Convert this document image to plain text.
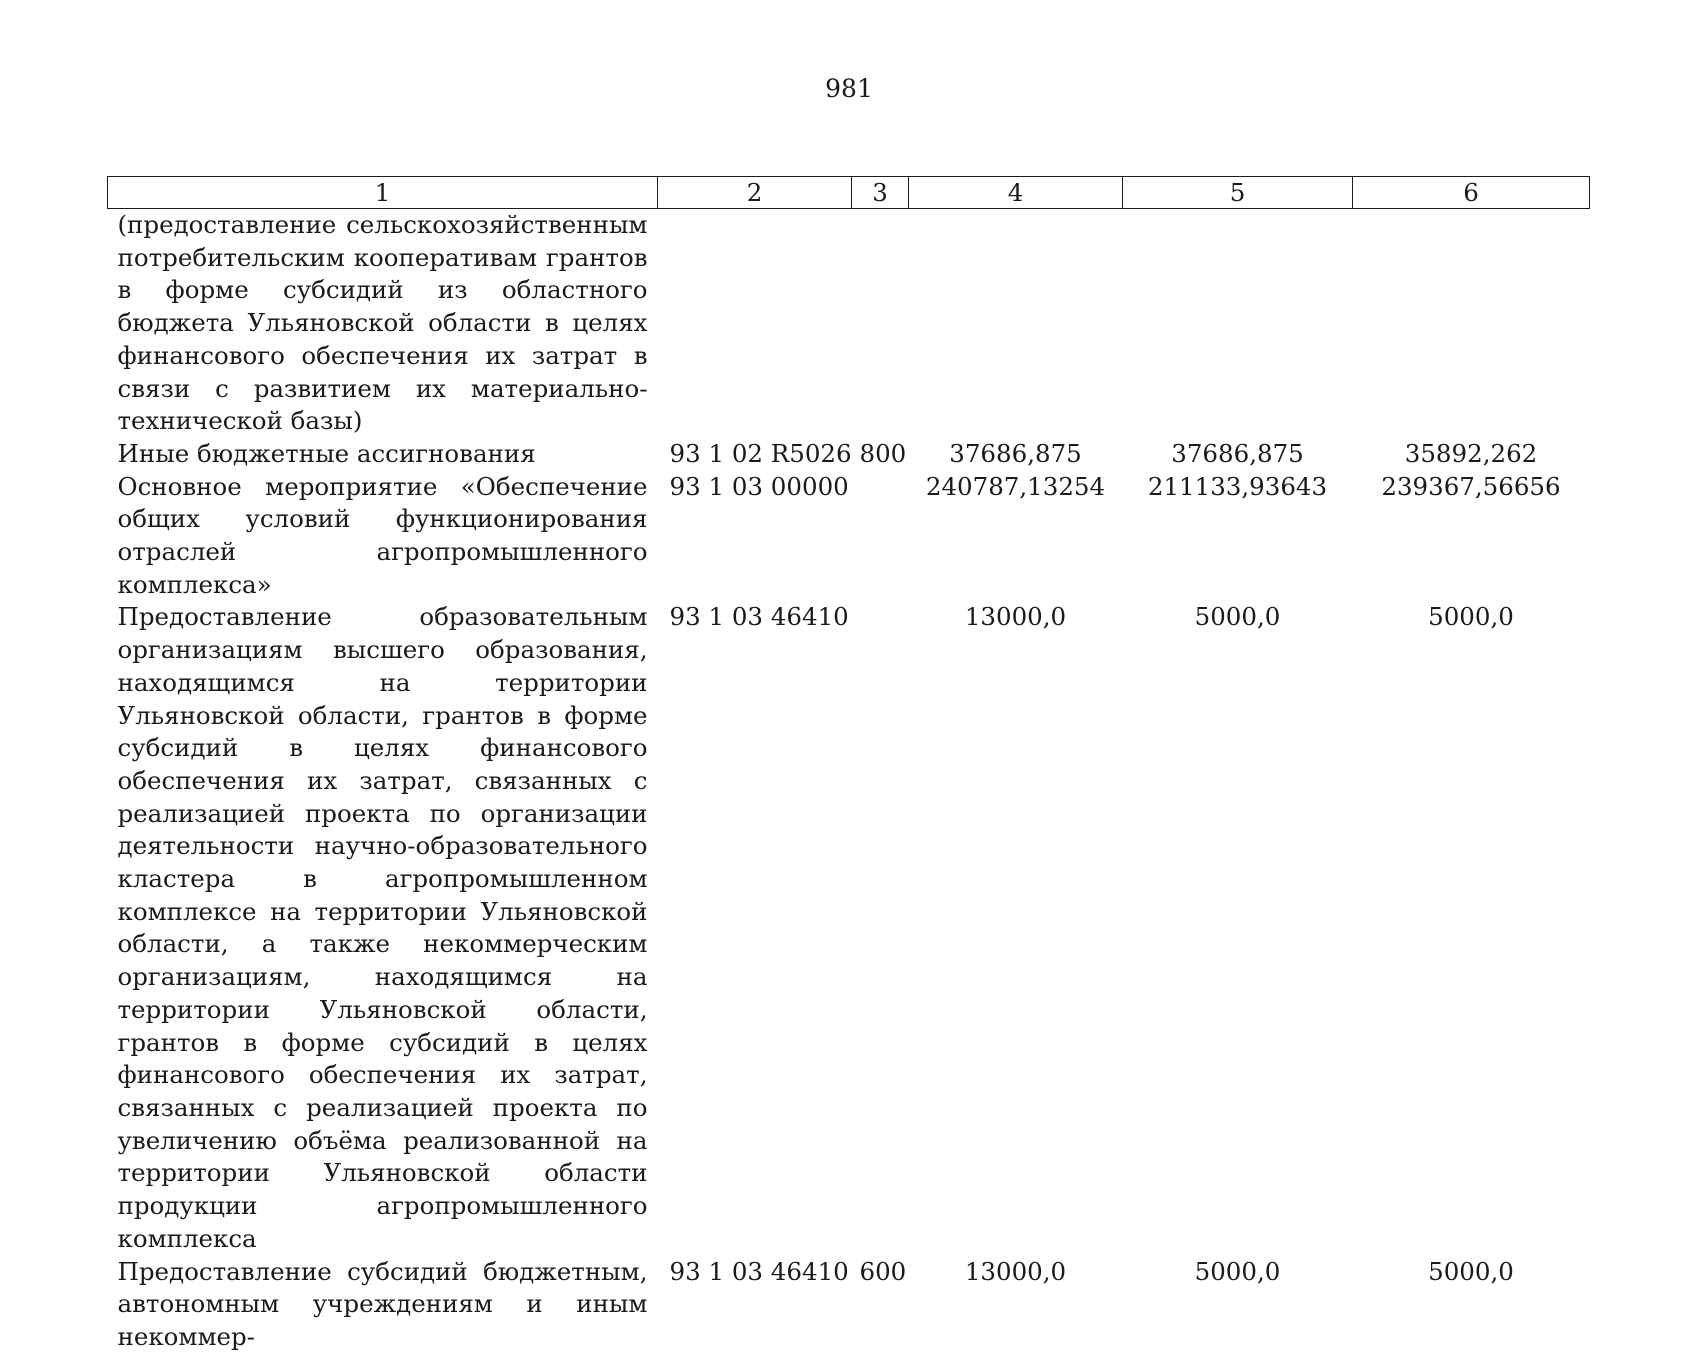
981
1	2	3	4	5	6
(предоставление сельскохозяйственным потребительским кооперативам грантов в форме субсидий из областного бюджета Ульяновской области в целях финансового обеспечения их затрат в связи с развитием их материально-технической базы)					
Иные бюджетные ассигнования	93 1 02 R5026	800	37686,875	37686,875	35892,262
Основное мероприятие «Обеспечение общих условий функционирования отраслей агропромышленного комплекса»	93 1 03 00000		240787,13254	211133,93643	239367,56656
Предоставление образовательным организациям высшего образования, находящимся на территории Ульяновской области, грантов в форме субсидий в целях финансового обеспечения их затрат, связанных с реализацией проекта по организации деятельности научно-образовательного кластера в агропромышленном комплексе на территории Ульяновской области, а также некоммерческим организациям, находящимся на территории Ульяновской области, грантов в форме субсидий в целях финансового обеспечения их затрат, связанных с реализацией проекта по увеличению объёма реализованной на территории Ульяновской области продукции агропромышленного комплекса	93 1 03 46410		13000,0	5000,0	5000,0
Предоставление субсидий бюджетным, автономным учреждениям и иным некоммер-	93 1 03 46410	600	13000,0	5000,0	5000,0
